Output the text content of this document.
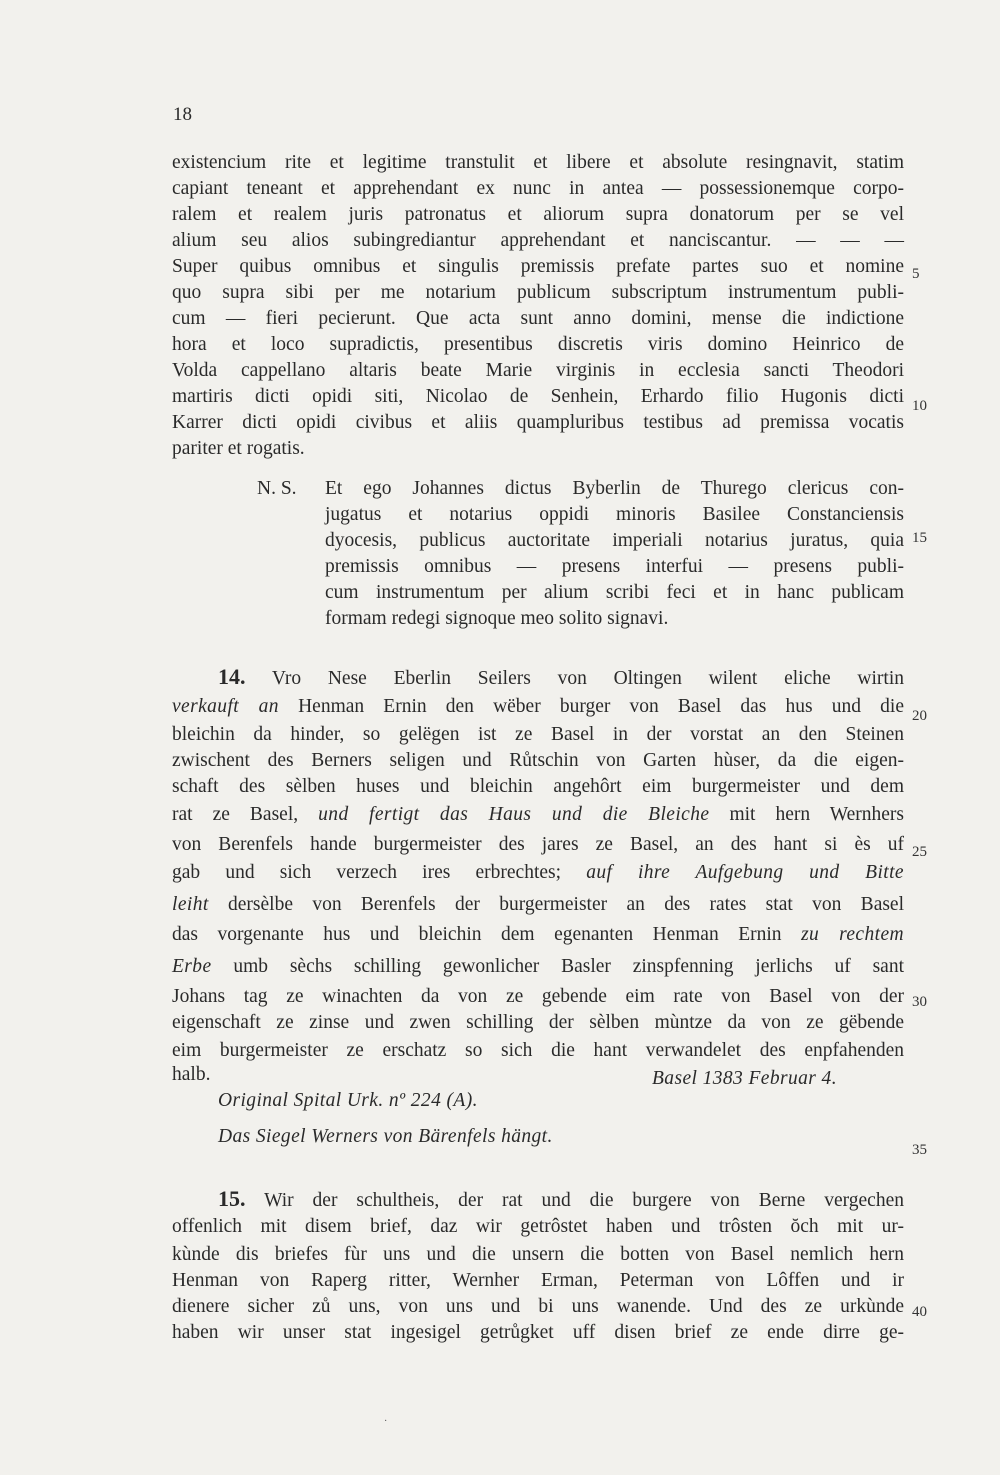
18
existencium rite et legitime transtulit et libere et absolute resingnavit, statim
capiant teneant et apprehendant ex nunc in antea — possessionemque corpo-
ralem et realem juris patronatus et aliorum supra donatorum per se vel
alium seu alios subingrediantur apprehendant et nanciscantur. — — —
Super quibus omnibus et singulis premissis prefate partes suo et nomine
quo supra sibi per me notarium publicum subscriptum instrumentum publi-
cum — fieri pecierunt. Que acta sunt anno domini, mense die indictione
hora et loco supradictis, presentibus discretis viris domino Heinrico de
Volda cappellano altaris beate Marie virginis in ecclesia sancti Theodori
martiris dicti opidi siti, Nicolao de Senhein, Erhardo filio Hugonis dicti
Karrer dicti opidi civibus et aliis quampluribus testibus ad premissa vocatis
pariter et rogatis.
N. S. Et ego Johannes dictus Byberlin de Thurego clericus con-
jugatus et notarius oppidi minoris Basilee Constanciensis
dyocesis, publicus auctoritate imperiali notarius juratus, quia
premissis omnibus — presens interfui — presens publi-
cum instrumentum per alium scribi feci et in hanc publicam
formam redegi signoque meo solito signavi.
14. Vro Nese Eberlin Seilers von Oltingen wilent eliche wirtin
verkauft an Henman Ernin den wëber burger von Basel das hus und die
bleichin da hinder, so gelëgen ist ze Basel in der vorstat an den Steinen
zwischent des Berners seligen und Růtschin von Garten hùser, da die eigen-
schaft des sèlben huses und bleichin angehôrt eim burgermeister und dem
rat ze Basel, und fertigt das Haus und die Bleiche mit hern Wernhers
von Berenfels hande burgermeister des jares ze Basel, an des hant si ès uf
gab und sich verzech ires erbrechtes; auf ihre Aufgebung und Bitte
leiht dersèlbe von Berenfels der burgermeister an des rates stat von Basel
das vorgenante hus und bleichin dem egenanten Henman Ernin zu rechtem
Erbe umb sèchs schilling gewonlicher Basler zinspfenning jerlichs uf sant
Johans tag ze winachten da von ze gebende eim rate von Basel von der
eigenschaft ze zinse und zwen schilling der sèlben mùntze da von ze gëbende
eim burgermeister ze erschatz so sich die hant verwandelet des enpfahenden
halb.	Basel 1383 Februar 4.
Original Spital Urk. nº 224 (A).
Das Siegel Werners von Bärenfels hängt.
15. Wir der schultheis, der rat und die burgere von Berne vergechen
offenlich mit disem brief, daz wir getrôstet haben und trôsten ŏch mit ur-
kùnde dis briefes fùr uns und die unsern die botten von Basel nemlich hern
Henman von Raperg ritter, Wernher Erman, Peterman von Lôffen und ir
dienere sicher zů uns, von uns und bi uns wanende. Und des ze urkùnde
haben wir unser stat ingesigel getrůgket uff disen brief ze ende dirre ge-
5
10
15
20
25
30
35
40
·
